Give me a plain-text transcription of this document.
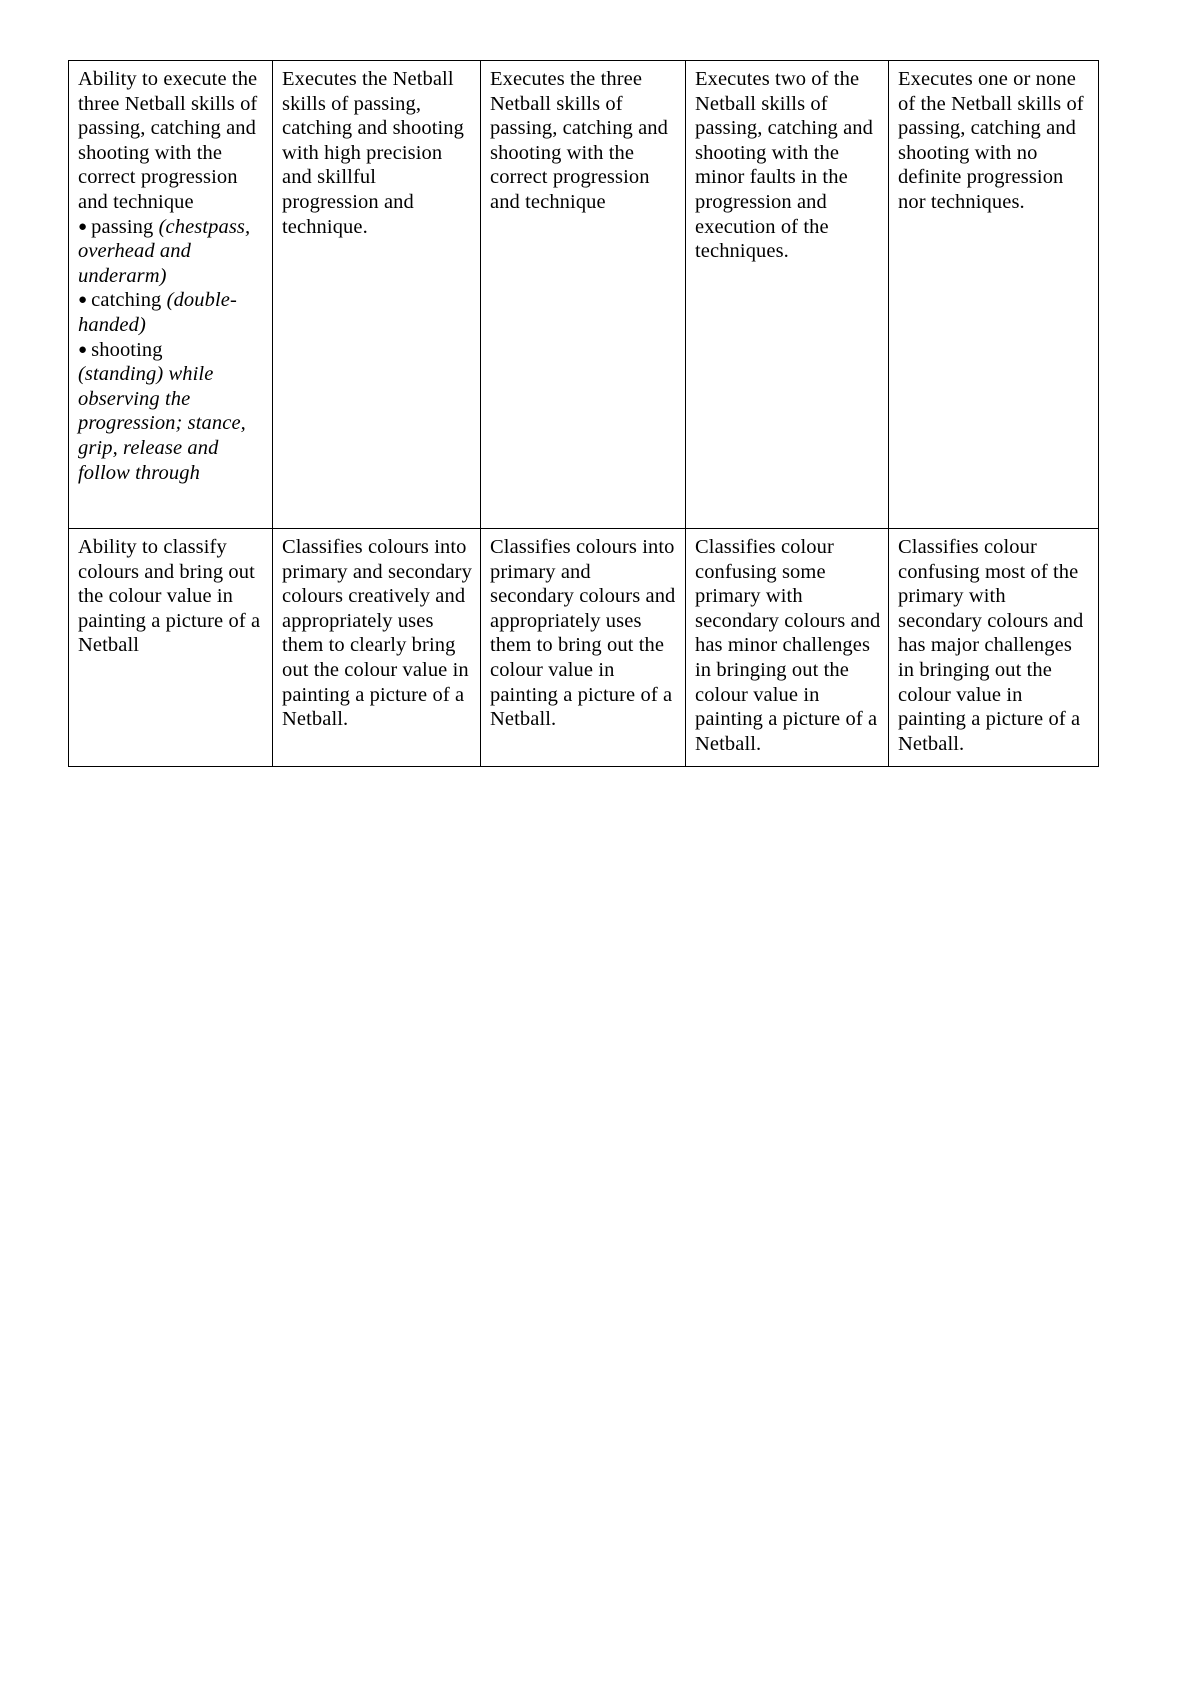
Ability to execute the three Netball skills of passing, catching and shooting with the correct progression and technique
● passing (chestpass, overhead and underarm)
● catching (double-handed)
● shooting
(standing) while observing the progression; stance, grip, release and follow through	Executes the Netball skills of passing, catching and shooting with high precision and skillful progression and technique.	Executes the three Netball skills of passing, catching and shooting with the correct progression and technique	Executes two of the Netball skills of passing, catching and shooting with the minor faults in the progression and execution of the techniques.	Executes one or none of the Netball skills of passing, catching and shooting with no definite progression nor techniques.

Ability to classify colours and bring out the colour value in painting a picture of a Netball	Classifies colours into primary and secondary colours creatively and appropriately uses them to clearly bring out the colour value in painting a picture of a Netball.	Classifies colours into primary and secondary colours and appropriately uses them to bring out the colour value in painting a picture of a Netball.	Classifies colour confusing some primary with secondary colours and has minor challenges in bringing out the colour value in painting a picture of a Netball.	Classifies colour confusing most of the primary with secondary colours and has major challenges in bringing out the colour value in painting a picture of a Netball.
